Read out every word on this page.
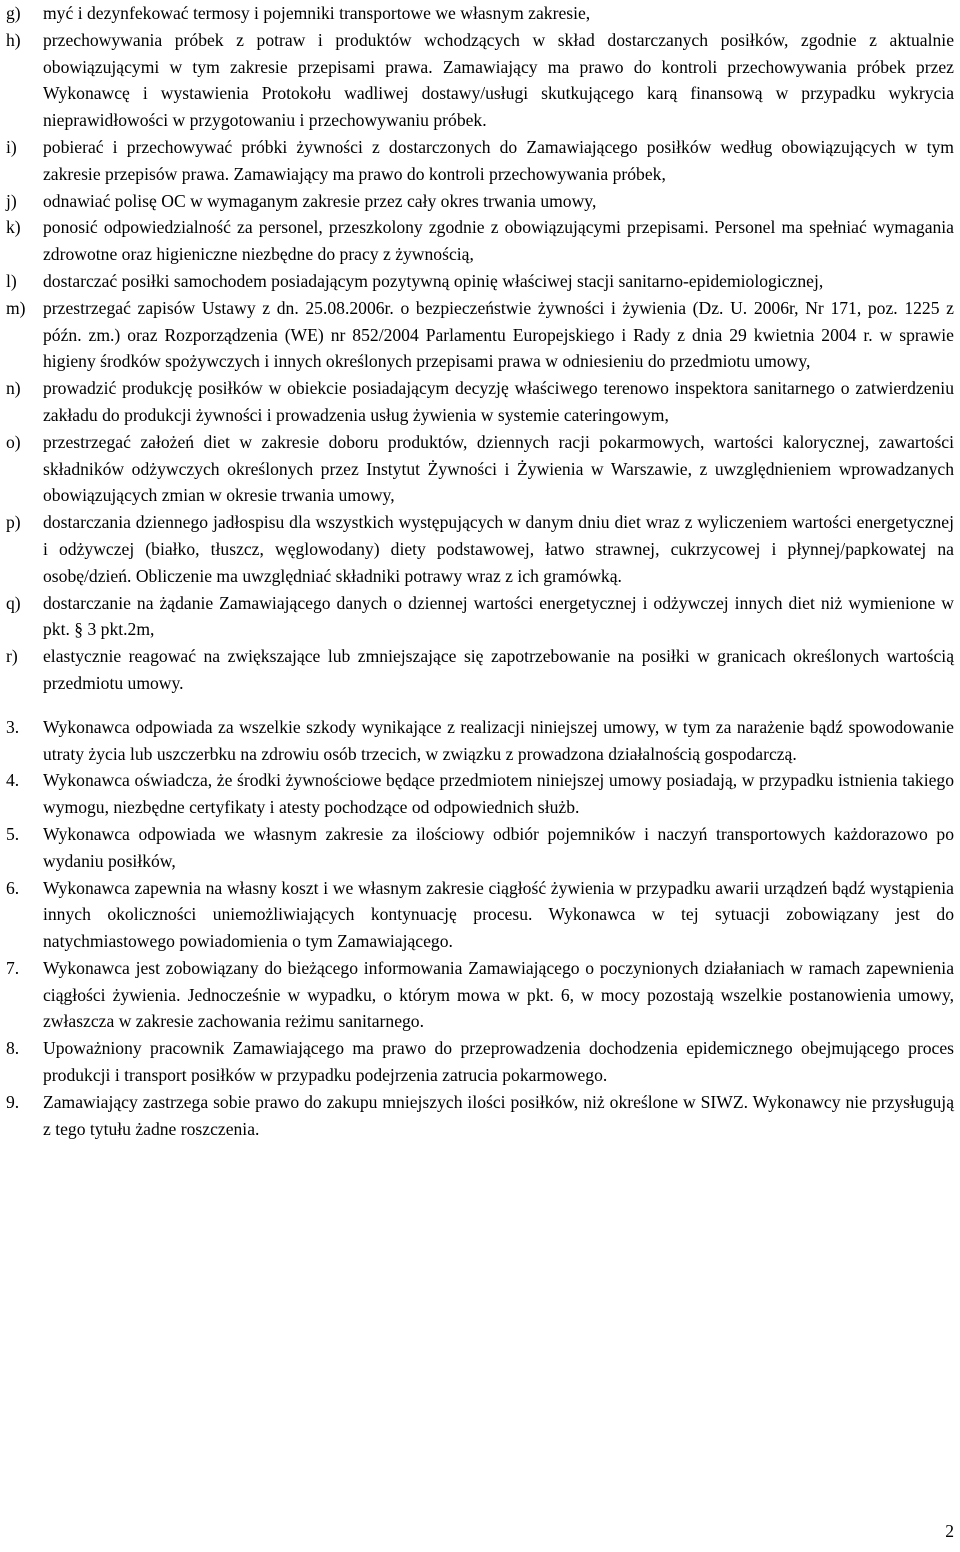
g)	myć i dezynfekować termosy i pojemniki transportowe we własnym zakresie,
h)	przechowywania próbek z potraw i produktów wchodzących w skład dostarczanych posiłków, zgodnie z aktualnie obowiązującymi w tym zakresie przepisami prawa. Zamawiający ma prawo do kontroli przechowywania próbek przez Wykonawcę i wystawienia Protokołu wadliwej dostawy/usługi skutkującego karą finansową w przypadku wykrycia nieprawidłowości w przygotowaniu i przechowywaniu próbek.
i)	pobierać i przechowywać próbki żywności z dostarczonych do Zamawiającego posiłków według obowiązujących w tym zakresie przepisów prawa. Zamawiający ma prawo do kontroli przechowywania próbek,
j)	odnawiać polisę OC w wymaganym zakresie przez cały okres trwania umowy,
k)	ponosić odpowiedzialność za personel, przeszkolony zgodnie z obowiązującymi przepisami. Personel ma spełniać wymagania zdrowotne oraz higieniczne niezbędne do pracy z żywnością,
l)	dostarczać posiłki samochodem posiadającym pozytywną opinię właściwej stacji sanitarno-epidemiologicznej,
m) przestrzegać zapisów Ustawy z dn. 25.08.2006r. o bezpieczeństwie żywności i żywienia (Dz. U. 2006r, Nr 171, poz. 1225 z późn. zm.) oraz Rozporządzenia (WE) nr 852/2004 Parlamentu Europejskiego i Rady z dnia 29 kwietnia 2004 r. w sprawie higieny środków spożywczych i innych określonych przepisami prawa w odniesieniu do przedmiotu umowy,
n)	prowadzić produkcję posiłków w obiekcie posiadającym decyzję właściwego terenowo inspektora sanitarnego o zatwierdzeniu zakładu do produkcji żywności i prowadzenia usług żywienia w systemie cateringowym,
o)	przestrzegać założeń diet w zakresie doboru produktów, dziennych racji pokarmowych, wartości kalorycznej, zawartości składników odżywczych określonych przez Instytut Żywności i Żywienia w Warszawie, z uwzględnieniem wprowadzanych obowiązujących zmian w okresie trwania umowy,
p)	dostarczania dziennego jadłospisu dla wszystkich występujących w danym dniu diet wraz z wyliczeniem wartości energetycznej i odżywczej (białko, tłuszcz, węglowodany) diety podstawowej, łatwo strawnej, cukrzycowej i płynnej/papkowatej na osobę/dzień. Obliczenie ma uwzględniać składniki potrawy wraz z ich gramówką.
q)	dostarczanie na żądanie Zamawiającego danych o dziennej wartości energetycznej i odżywczej innych diet niż wymienione w pkt. § 3 pkt.2m,
r)	elastycznie reagować na zwiększające lub zmniejszające się zapotrzebowanie na posiłki w granicach określonych wartością przedmiotu umowy.
3.	Wykonawca odpowiada za wszelkie szkody wynikające z realizacji niniejszej umowy, w tym za narażenie bądź spowodowanie utraty życia lub uszczerbku na zdrowiu osób trzecich, w związku z prowadzona działalnością gospodarczą.
4.	Wykonawca oświadcza, że środki żywnościowe będące przedmiotem niniejszej umowy posiadają, w przypadku istnienia takiego wymogu, niezbędne certyfikaty i atesty pochodzące od odpowiednich służb.
5.	Wykonawca odpowiada we własnym zakresie za ilościowy odbiór pojemników i naczyń transportowych każdorazowo po wydaniu posiłków,
6.	Wykonawca zapewnia na własny koszt i we własnym zakresie ciągłość żywienia w przypadku awarii urządzeń bądź wystąpienia innych okoliczności uniemożliwiających kontynuację procesu. Wykonawca w tej sytuacji zobowiązany jest do natychmiastowego powiadomienia o tym Zamawiającego.
7.	Wykonawca jest zobowiązany do bieżącego informowania Zamawiającego o poczynionych działaniach w ramach zapewnienia ciągłości żywienia. Jednocześnie w wypadku, o którym mowa w pkt. 6, w mocy pozostają wszelkie postanowienia umowy, zwłaszcza w zakresie zachowania reżimu sanitarnego.
8.	Upoważniony pracownik Zamawiającego ma prawo do przeprowadzenia dochodzenia epidemicznego obejmującego proces produkcji i transport posiłków w przypadku podejrzenia zatrucia pokarmowego.
9.	Zamawiający zastrzega sobie prawo do zakupu mniejszych ilości posiłków, niż określone w SIWZ. Wykonawcy nie przysługują z tego tytułu żadne roszczenia.
2
